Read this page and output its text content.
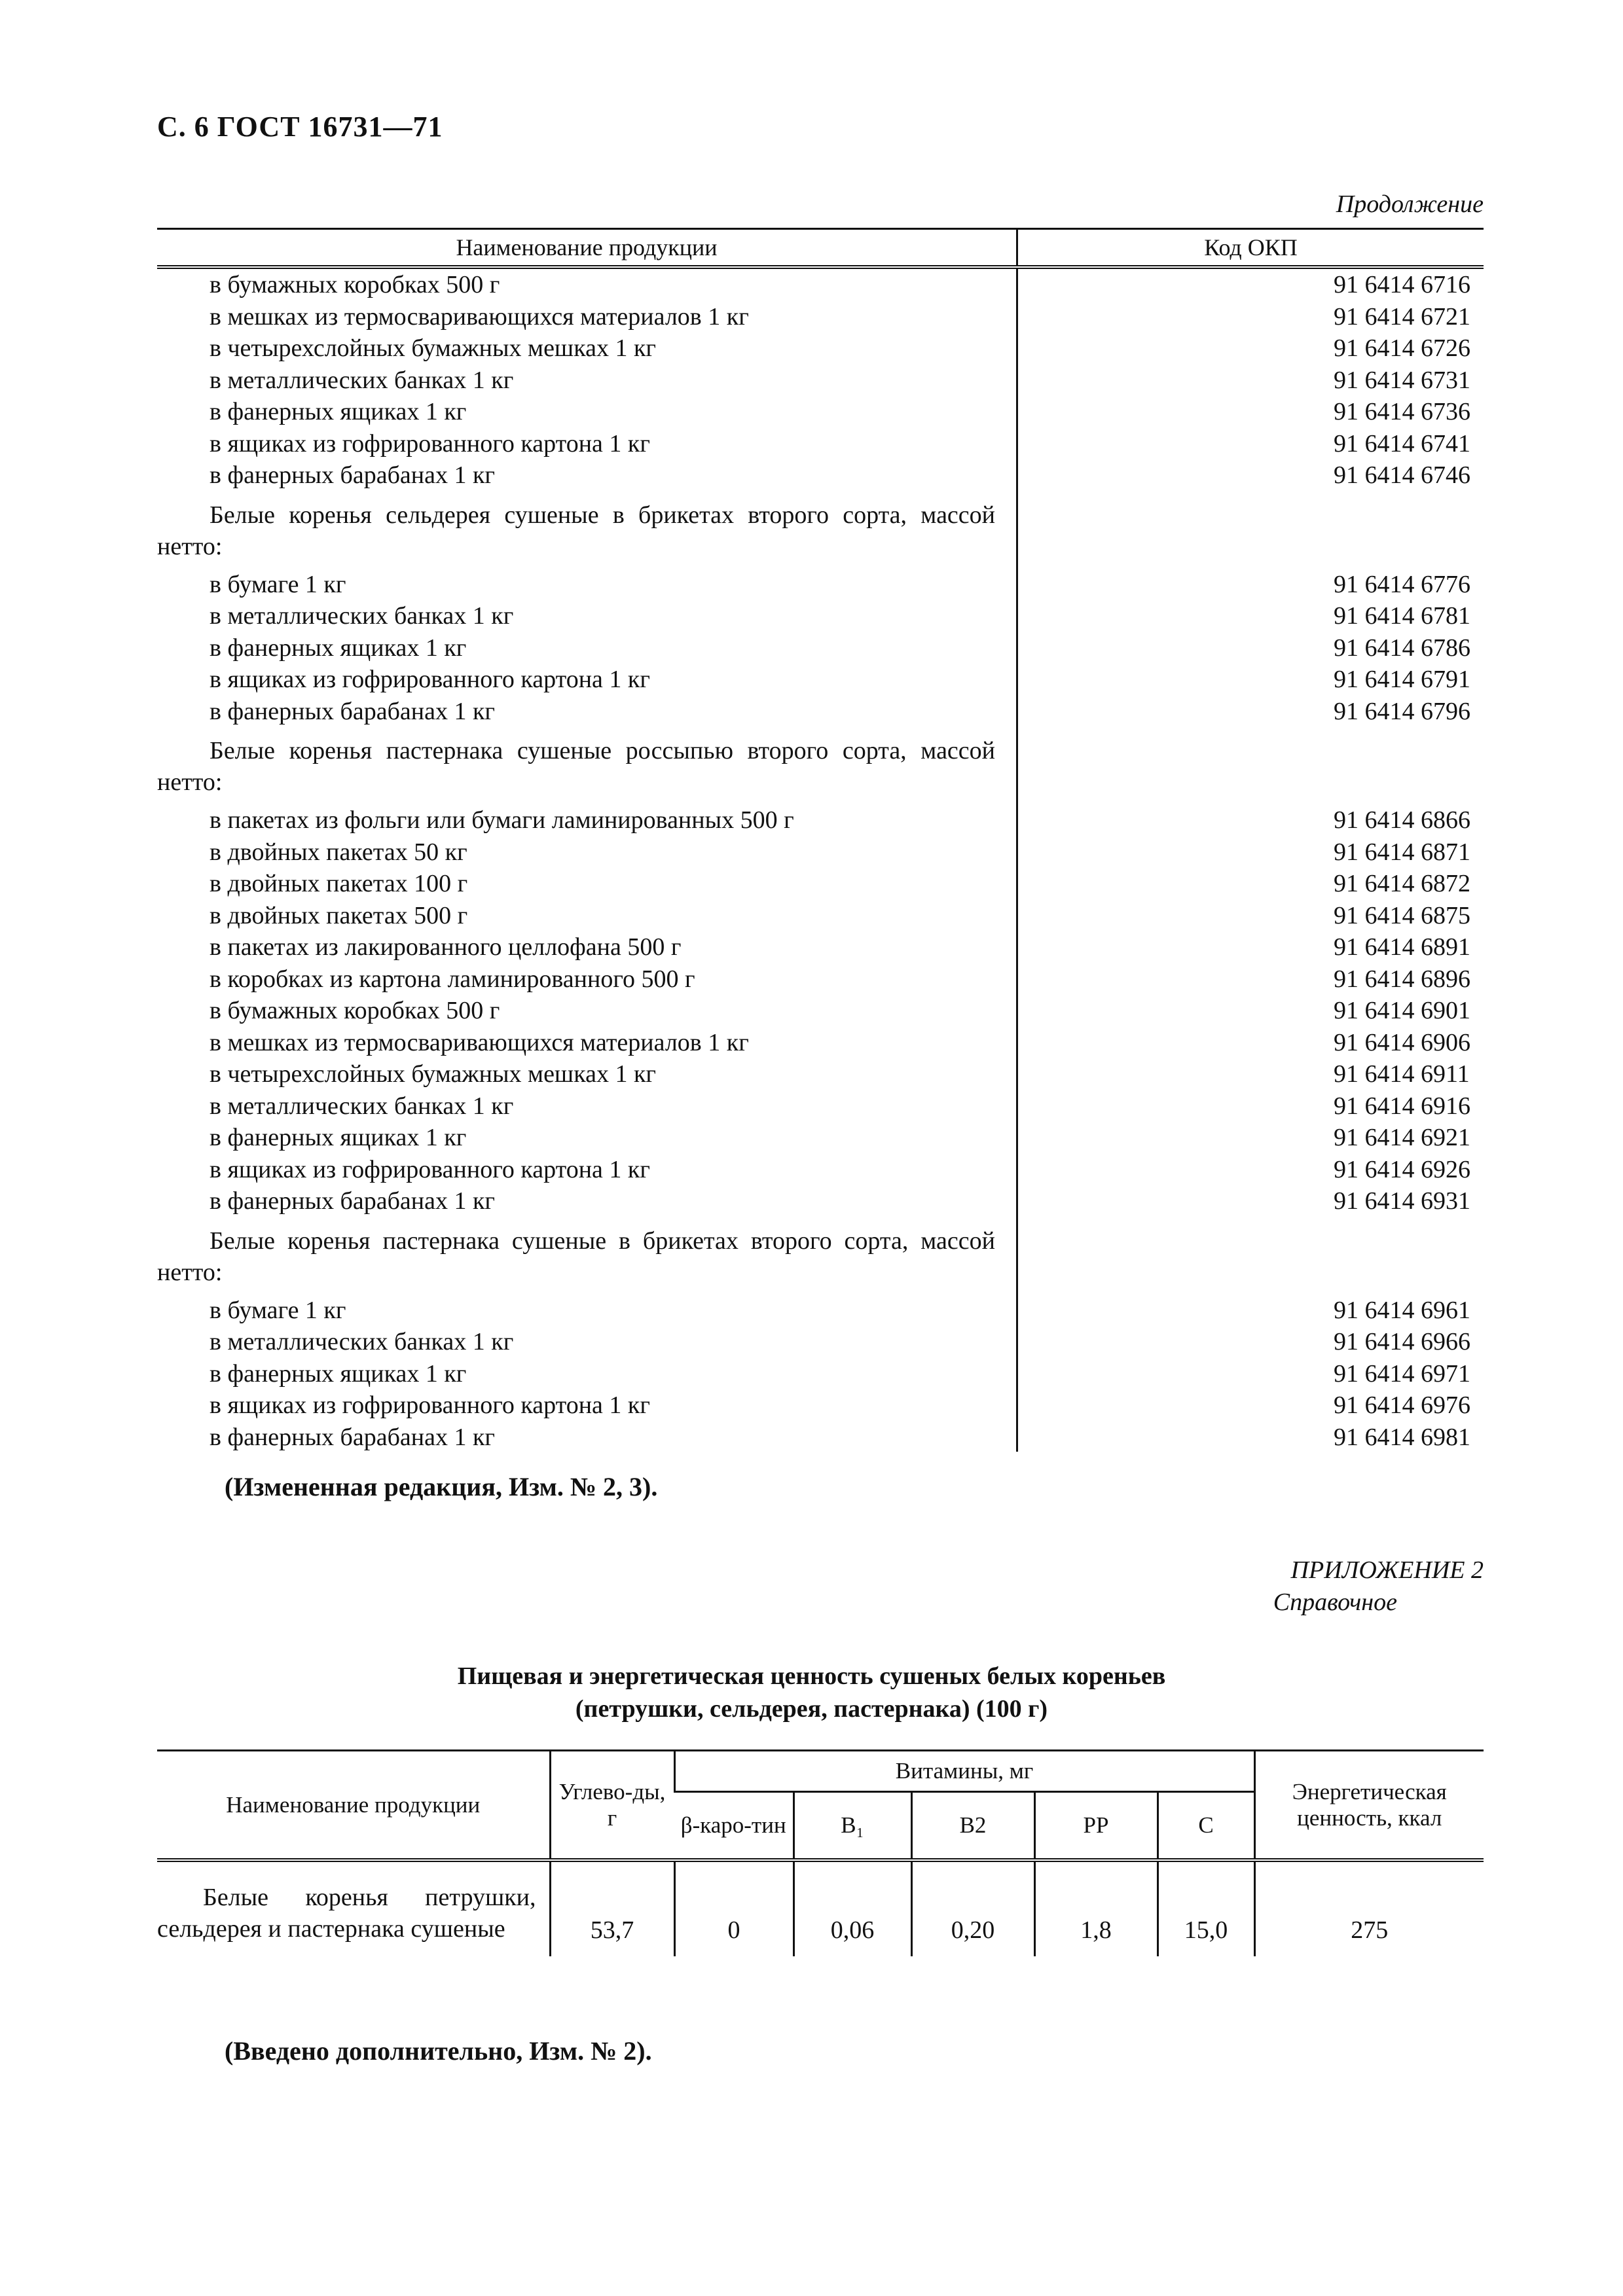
С. 6 ГОСТ 16731—71
Продолжение
Наименование продукции	Код ОКП
в бумажных коробках 500 г	91 6414 6716
в мешках из термосваривающихся материалов 1 кг	91 6414 6721
в четырехслойных бумажных мешках 1 кг	91 6414 6726
в металлических банках 1 кг	91 6414 6731
в фанерных ящиках 1 кг	91 6414 6736
в ящиках из гофрированного картона 1 кг	91 6414 6741
в фанерных барабанах 1 кг	91 6414 6746
Белые коренья сельдерея сушеные в брикетах второго сорта, массой нетто:
в бумаге 1 кг	91 6414 6776
в металлических банках 1 кг	91 6414 6781
в фанерных ящиках 1 кг	91 6414 6786
в ящиках из гофрированного картона 1 кг	91 6414 6791
в фанерных барабанах 1 кг	91 6414 6796
Белые коренья пастернака сушеные россыпью второго сорта, массой нетто:
в пакетах из фольги или бумаги ламинированных 500 г	91 6414 6866
в двойных пакетах 50 кг	91 6414 6871
в двойных пакетах 100 г	91 6414 6872
в двойных пакетах 500 г	91 6414 6875
в пакетах из лакированного целлофана 500 г	91 6414 6891
в коробках из картона ламинированного 500 г	91 6414 6896
в бумажных коробках 500 г	91 6414 6901
в мешках из термосваривающихся материалов 1 кг	91 6414 6906
в четырехслойных бумажных мешках 1 кг	91 6414 6911
в металлических банках 1 кг	91 6414 6916
в фанерных ящиках 1 кг	91 6414 6921
в ящиках из гофрированного картона 1 кг	91 6414 6926
в фанерных барабанах 1 кг	91 6414 6931
Белые коренья пастернака сушеные в брикетах второго сорта, массой нетто:
в бумаге 1 кг	91 6414 6961
в металлических банках 1 кг	91 6414 6966
в фанерных ящиках 1 кг	91 6414 6971
в ящиках из гофрированного картона 1 кг	91 6414 6976
в фанерных барабанах 1 кг	91 6414 6981
(Измененная редакция, Изм. № 2, 3).
ПРИЛОЖЕНИЕ 2
Справочное
Пищевая и энергетическая ценность сушеных белых кореньев
(петрушки, сельдерея, пастернака) (100 г)
Наименование продукции	Углево-ды, г	Витамины, мг					Энергетическая ценность, ккал
		β-каро-тин	B₁	B2	PP	C	
Белые коренья петрушки, сельдерея и пастернака сушеные	53,7	0	0,06	0,20	1,8	15,0	275
(Введено дополнительно, Изм. № 2).
